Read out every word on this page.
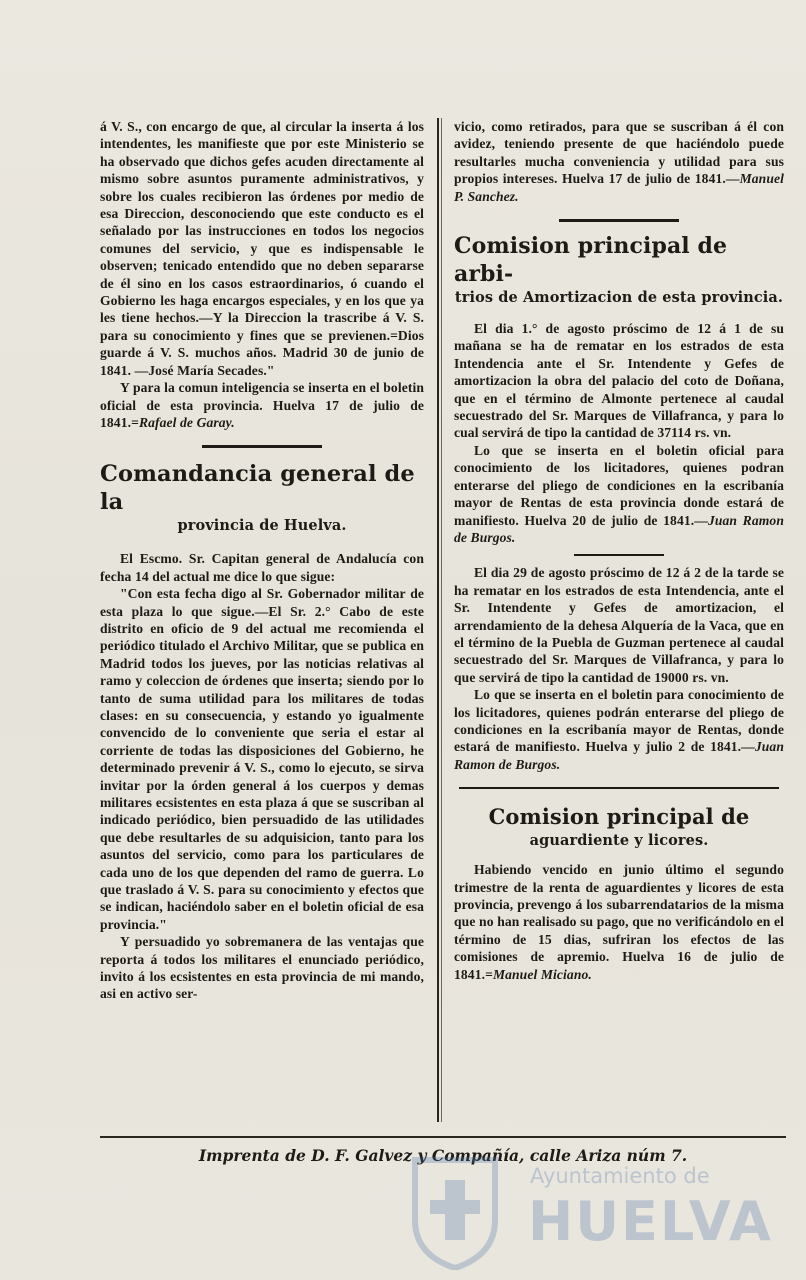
á V. S., con encargo de que, al circular la inserta á los intendentes, les manifieste que por este Ministerio se ha observado que dichos gefes acuden directamente al mismo sobre asuntos puramente administrativos, y sobre los cuales recibieron las órdenes por medio de esa Direccion, desconociendo que este conducto es el señalado por las instrucciones en todos los negocios comunes del servicio, y que es indispensable le observen; tenicado entendido que no deben separarse de él sino en los casos estraordinarios, ó cuando el Gobierno les haga encargos especiales, y en los que ya les tiene hechos.—Y la Direccion la trascribe á V. S. para su conocimiento y fines que se previenen.=Dios guarde á V. S. muchos años. Madrid 30 de junio de 1841. —José María Secades."

Y para la comun inteligencia se inserta en el boletin oficial de esta provincia. Huelva 17 de julio de 1841.=Rafael de Garay.

Comandancia general de la

provincia de Huelva.

El Escmo. Sr. Capitan general de Andalucía con fecha 14 del actual me dice lo que sigue:

"Con esta fecha digo al Sr. Gobernador militar de esta plaza lo que sigue.—El Sr. 2.° Cabo de este distrito en oficio de 9 del actual me recomienda el periódico titulado el Archivo Militar, que se publica en Madrid todos los jueves, por las noticias relativas al ramo y coleccion de órdenes que inserta; siendo por lo tanto de suma utilidad para los militares de todas clases: en su consecuencia, y estando yo igualmente convencido de lo conveniente que seria el estar al corriente de todas las disposiciones del Gobierno, he determinado prevenir á V. S., como lo ejecuto, se sirva invitar por la órden general á los cuerpos y demas militares ecsistentes en esta plaza á que se suscriban al indicado periódico, bien persuadido de las utilidades que debe resultarles de su adquisicion, tanto para los asuntos del servicio, como para los particulares de cada uno de los que dependen del ramo de guerra. Lo que traslado á V. S. para su conocimiento y efectos que se indican, haciéndolo saber en el boletin oficial de esa provincia."

Y persuadido yo sobremanera de las ventajas que reporta á todos los militares el enunciado periódico, invito á los ecsistentes en esta provincia de mi mando, asi en activo ser-

vicio, como retirados, para que se suscriban á él con avidez, teniendo presente de que haciéndolo puede resultarles mucha conveniencia y utilidad para sus propios intereses. Huelva 17 de julio de 1841.—Manuel P. Sanchez.

Comision principal de arbi-

trios de Amortizacion de esta provincia.

El dia 1.° de agosto próscimo de 12 á 1 de su mañana se ha de rematar en los estrados de esta Intendencia ante el Sr. Intendente y Gefes de amortizacion la obra del palacio del coto de Doñana, que en el término de Almonte pertenece al caudal secuestrado del Sr. Marques de Villafranca, y para lo cual servirá de tipo la cantidad de 37114 rs. vn.

Lo que se inserta en el boletin oficial para conocimiento de los licitadores, quienes podran enterarse del pliego de condiciones en la escribanía mayor de Rentas de esta provincia donde estará de manifiesto. Huelva 20 de julio de 1841.—Juan Ramon de Burgos.

El dia 29 de agosto próscimo de 12 á 2 de la tarde se ha rematar en los estrados de esta Intendencia, ante el Sr. Intendente y Gefes de amortizacion, el arrendamiento de la dehesa Alquería de la Vaca, que en el término de la Puebla de Guzman pertenece al caudal secuestrado del Sr. Marques de Villafranca, y para lo que servirá de tipo la cantidad de 19000 rs. vn.

Lo que se inserta en el boletin para conocimiento de los licitadores, quienes podrán enterarse del pliego de condiciones en la escribanía mayor de Rentas, donde estará de manifiesto. Huelva y julio 2 de 1841.—Juan Ramon de Burgos.

Comision principal de

aguardiente y licores.

Habiendo vencido en junio último el segundo trimestre de la renta de aguardientes y licores de esta provincia, prevengo á los subarrendatarios de la misma que no han realisado su pago, que no verificándolo en el término de 15 dias, sufriran los efectos de las comisiones de apremio. Huelva 16 de julio de 1841.=Manuel Miciano.

Imprenta de D. F. Galvez y Compañía, calle Ariza núm 7.
Ayuntamiento de
HUELVA
